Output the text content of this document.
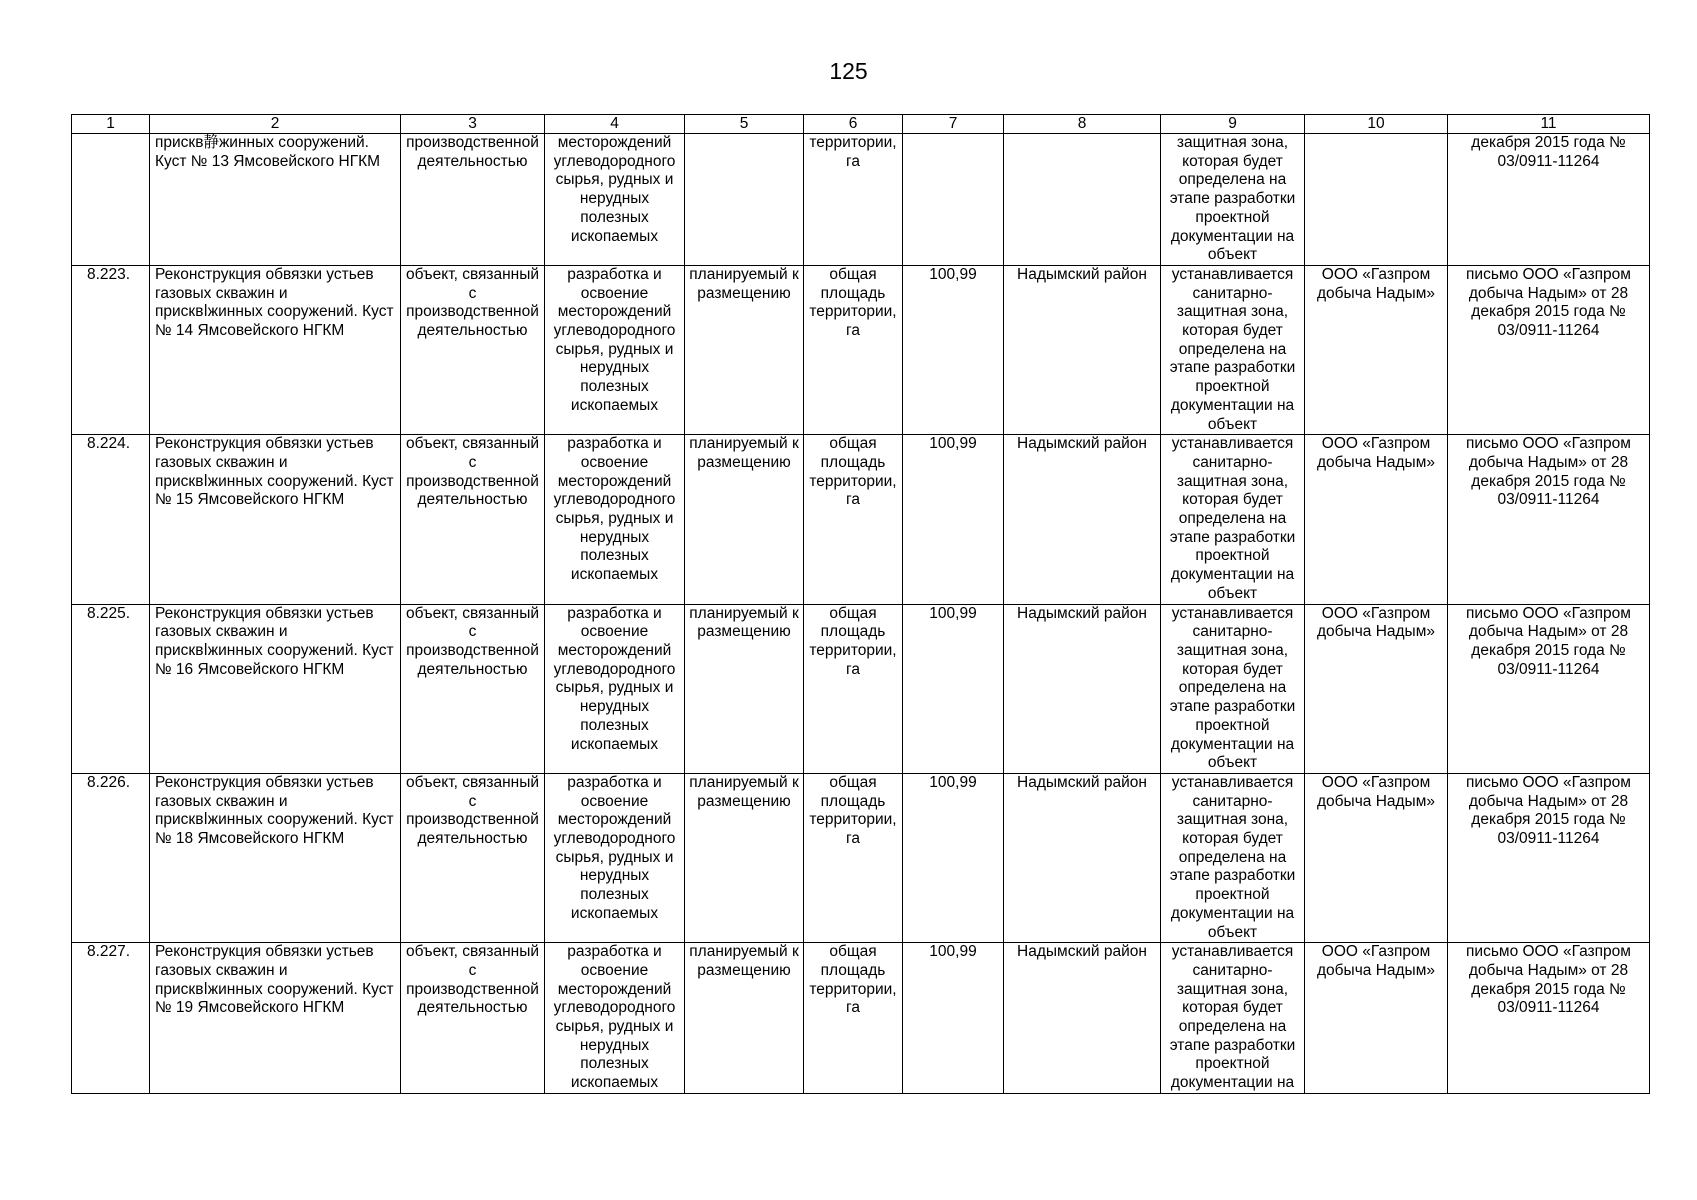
125
1	2	3	4	5	6	7	8	9	10	11
	прискв静жинных сооружений. Куст № 13 Ямсовейского НГКМ	производственной деятельностью	месторождений углеводородного сырья, рудных и нерудных полезных ископаемых		территории, га			защитная зона, которая будет определена на этапе разработки проектной документации на объект		декабря 2015 года № 03/0911-11264
8.223.	Реконструкция обвязки устьев газовых скважин и присквاжинных сооружений. Куст № 14 Ямсовейского НГКМ	объект, связанный с производственной деятельностью	разработка и освоение месторождений углеводородного сырья, рудных и нерудных полезных ископаемых	планируемый к размещению	общая площадь территории, га	100,99	Надымский район	устанавливается санитарно-защитная зона, которая будет определена на этапе разработки проектной документации на объект	ООО «Газпром добыча Надым»	письмо ООО «Газпром добыча Надым» от 28 декабря 2015 года № 03/0911-11264
8.224.	Реконструкция обвязки устьев газовых скважин и присквاжинных сооружений. Куст № 15 Ямсовейского НГКМ	объект, связанный с производственной деятельностью	разработка и освоение месторождений углеводородного сырья, рудных и нерудных полезных ископаемых	планируемый к размещению	общая площадь территории, га	100,99	Надымский район	устанавливается санитарно-защитная зона, которая будет определена на этапе разработки проектной документации на объект	ООО «Газпром добыча Надым»	письмо ООО «Газпром добыча Надым» от 28 декабря 2015 года № 03/0911-11264
8.225.	Реконструкция обвязки устьев газовых скважин и присквاжинных сооружений. Куст № 16 Ямсовейского НГКМ	объект, связанный с производственной деятельностью	разработка и освоение месторождений углеводородного сырья, рудных и нерудных полезных ископаемых	планируемый к размещению	общая площадь территории, га	100,99	Надымский район	устанавливается санитарно-защитная зона, которая будет определена на этапе разработки проектной документации на объект	ООО «Газпром добыча Надым»	письмо ООО «Газпром добыча Надым» от 28 декабря 2015 года № 03/0911-11264
8.226.	Реконструкция обвязки устьев газовых скважин и присквاжинных сооружений. Куст № 18 Ямсовейского НГКМ	объект, связанный с производственной деятельностью	разработка и освоение месторождений углеводородного сырья, рудных и нерудных полезных ископаемых	планируемый к размещению	общая площадь территории, га	100,99	Надымский район	устанавливается санитарно-защитная зона, которая будет определена на этапе разработки проектной документации на объект	ООО «Газпром добыча Надым»	письмо ООО «Газпром добыча Надым» от 28 декабря 2015 года № 03/0911-11264
8.227.	Реконструкция обвязки устьев газовых скважин и присквاжинных сооружений. Куст № 19 Ямсовейского НГКМ	объект, связанный с производственной деятельностью	разработка и освоение месторождений углеводородного сырья, рудных и нерудных полезных ископаемых	планируемый к размещению	общая площадь территории, га	100,99	Надымский район	устанавливается санитарно-защитная зона, которая будет определена на этапе разработки проектной документации на	ООО «Газпром добыча Надым»	письмо ООО «Газпром добыча Надым» от 28 декабря 2015 года № 03/0911-11264
